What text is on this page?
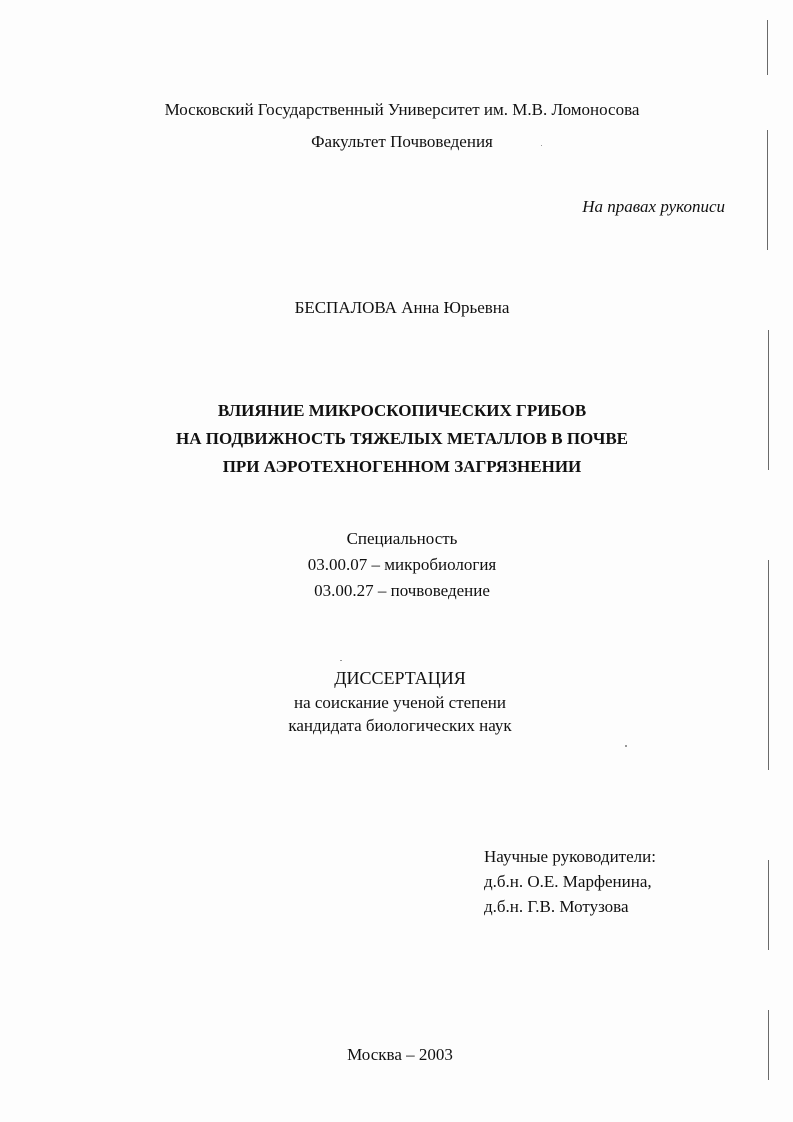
Московский Государственный Университет им. М.В. Ломоносова
Факультет Почвоведения
На правах рукописи
БЕСПАЛОВА Анна Юрьевна
ВЛИЯНИЕ МИКРОСКОПИЧЕСКИХ ГРИБОВ
НА ПОДВИЖНОСТЬ ТЯЖЕЛЫХ МЕТАЛЛОВ В ПОЧВЕ
ПРИ АЭРОТЕХНОГЕННОМ ЗАГРЯЗНЕНИИ
Специальность
03.00.07 – микробиология
03.00.27 – почвоведение
ДИССЕРТАЦИЯ
на соискание ученой степени
кандидата биологических наук
Научные руководители:
д.б.н. О.Е. Марфенина,
д.б.н. Г.В. Мотузова
Москва – 2003
